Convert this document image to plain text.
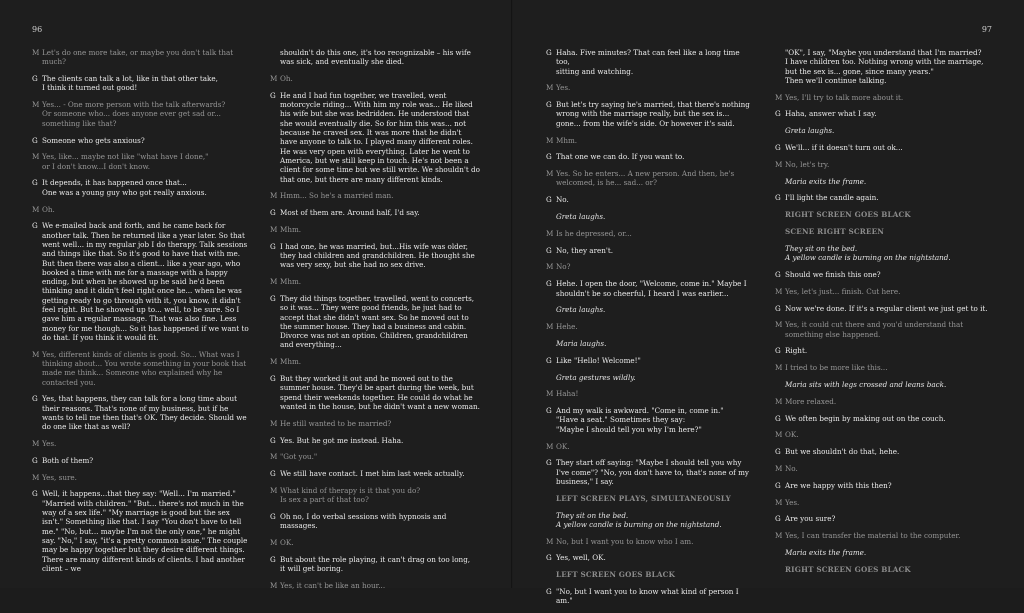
96
M Let's do one more take, or maybe you don't talk that much?
G The clients can talk a lot, like in that other take,
I think it turned out good!
M Yes... - One more person with the talk afterwards?
Or someone who... does anyone ever get sad or...
something like that?
G Someone who gets anxious?
M Yes, like... maybe not like "what have I done,"
or I don't know...I don't know.
G It depends, it has happened once that...
One was a young guy who got really anxious.
M Oh.
G We e-mailed back and forth, and he came back for another talk. Then he returned like a year later. So that went well... in my regular job I do therapy. Talk sessions and things like that. So it's good to have that with me. But then there was also a client... like a year ago, who booked a time with me for a massage with a happy ending, but when he showed up he said he'd been thinking and it didn't feel right once he... when he was getting ready to go through with it, you know, it didn't feel right. But he showed up to... well, to be sure. So I gave him a regular massage. That was also fine. Less money for me though... So it has happened if we want to do that. If you think it would fit.
M Yes, different kinds of clients is good. So... What was I thinking about... You wrote something in your book that made me think... Someone who explained why he contacted you.
G Yes, that happens, they can talk for a long time about their reasons. That's none of my business, but if he wants to tell me then that's OK. They decide. Should we do one like that as well?
M Yes.
G Both of them?
M Yes, sure.
G Well, it happens...that they say: "Well... I'm married." "Married with children." "But... there's not much in the way of a sex life." "My marriage is good but the sex isn't." Something like that. I say "You don't have to tell me." "No, but... maybe I'm not the only one," he might say. "No," I say, "it's a pretty common issue." The couple may be happy together but they desire different things. There are many different kinds of clients. I had another client – we
shouldn't do this one, it's too recognizable – his wife was sick, and eventually she died.
M Oh.
G He and I had fun together, we travelled, went motorcycle riding... With him my role was... He liked his wife but she was bedridden. He understood that she would eventually die. So for him this was... not because he craved sex. It was more that he didn't have anyone to talk to. I played many different roles. He was very open with everything. Later he went to America, but we still keep in touch. He's not been a client for some time but we still write. We shouldn't do that one, but there are many different kinds.
M Hmm... So he's a married man.
G Most of them are. Around half, I'd say.
M Mhm.
G I had one, he was married, but...His wife was older, they had children and grandchildren. He thought she was very sexy, but she had no sex drive.
M Mhm.
G They did things together, travelled, went to concerts, so it was... They were good friends, he just had to accept that she didn't want sex. So he moved out to the summer house. They had a business and cabin. Divorce was not an option. Children, grandchildren and everything...
M Mhm.
G But they worked it out and he moved out to the summer house. They'd be apart during the week, but spend their weekends together. He could do what he wanted in the house, but he didn't want a new woman.
M He still wanted to be married?
G Yes. But he got me instead. Haha.
M "Got you."
G We still have contact. I met him last week actually.
M What kind of therapy is it that you do?
Is sex a part of that too?
G Oh no, I do verbal sessions with hypnosis and massages.
M OK.
G But about the role playing, it can't drag on too long,
it will get boring.
M Yes, it can't be like an hour...
97
G Haha. Five minutes? That can feel like a long time too,
sitting and watching.
M Yes.
G But let's try saying he's married, that there's nothing wrong with the marriage really, but the sex is... gone... from the wife's side. Or however it's said.
M Mhm.
G That one we can do. If you want to.
M Yes. So he enters... A new person. And then, he's welcomed, is he... sad... or?
G No.
Greta laughs.
M Is he depressed, or...
G No, they aren't.
M No?
G Hehe. I open the door, "Welcome, come in." Maybe I shouldn't be so cheerful, I heard I was earlier...
Greta laughs.
M Hehe.
Maria laughs.
G Like "Hello! Welcome!"
Greta gestures wildly.
M Haha!
G And my walk is awkward. "Come in, come in."
"Have a seat." Sometimes they say:
"Maybe I should tell you why I'm here?"
M OK.
G They start off saying: "Maybe I should tell you why I've come"? "No, you don't have to, that's none of my business," I say.
LEFT SCREEN PLAYS, SIMULTANEOUSLY
They sit on the bed.
A yellow candle is burning on the nightstand.
M No, but I want you to know who I am.
G Yes, well, OK.
LEFT SCREEN GOES BLACK
G "No, but I want you to know what kind of person I am."
"OK", I say, "Maybe you understand that I'm married?
I have children too. Nothing wrong with the marriage, but the sex is... gone, since many years."
Then we'll continue talking.
M Yes, I'll try to talk more about it.
G Haha, answer what I say.
Greta laughs.
G We'll... if it doesn't turn out ok...
M No, let's try.
Maria exits the frame.
G I'll light the candle again.
RIGHT SCREEN GOES BLACK
SCENE RIGHT SCREEN
They sit on the bed.
A yellow candle is burning on the nightstand.
G Should we finish this one?
M Yes, let's just... finish. Cut here.
G Now we're done. If it's a regular client we just get to it.
M Yes, it could cut there and you'd understand that something else happened.
G Right.
M I tried to be more like this...
Maria sits with legs crossed and leans back.
M More relaxed.
G We often begin by making out on the couch.
M OK.
G But we shouldn't do that, hehe.
M No.
G Are we happy with this then?
M Yes.
G Are you sure?
M Yes, I can transfer the material to the computer.
Maria exits the frame.
RIGHT SCREEN GOES BLACK
